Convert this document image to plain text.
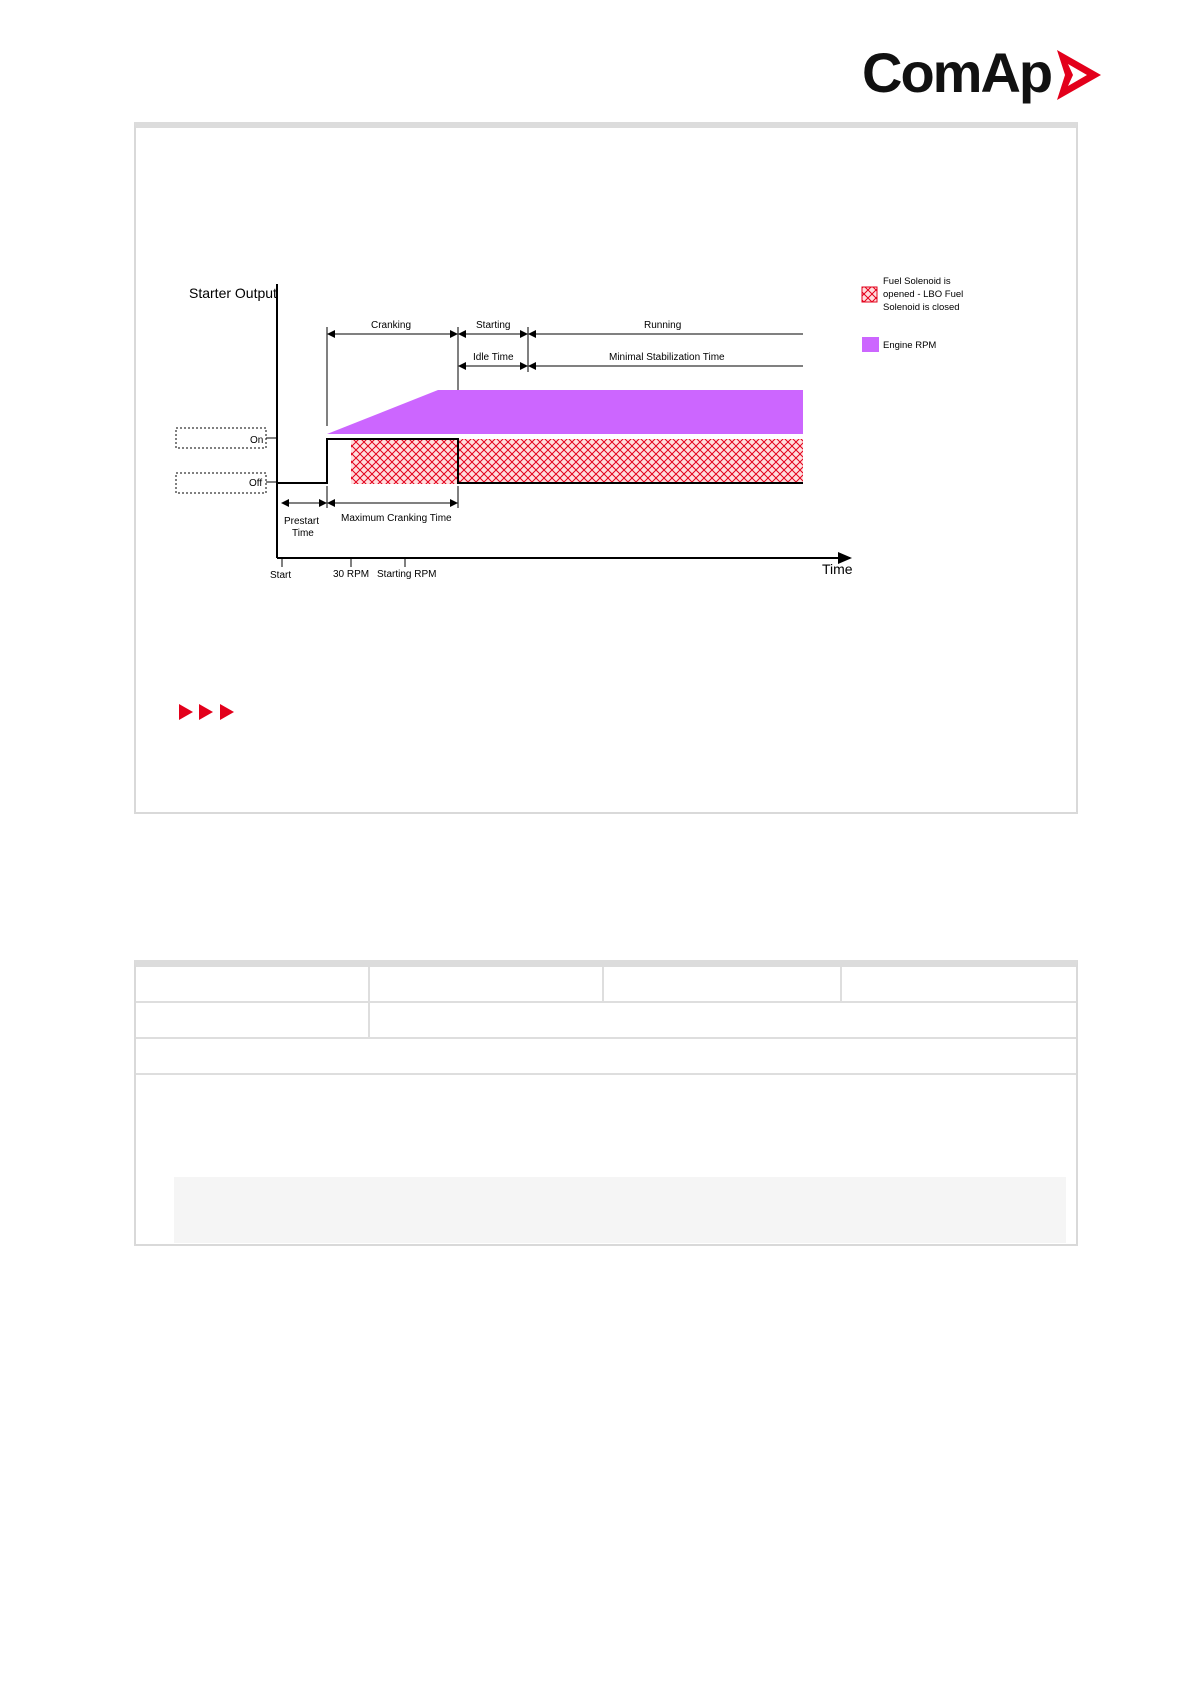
ComAp
Starter Output
Time
On
Off
Cranking	Starting	Running
Idle Time	Minimal Stabilization Time
Prestart
Time
Maximum Cranking Time
Start	30 RPM Starting RPM
Fuel Solenoid is
opened - LBO Fuel
Solenoid is closed
Engine RPM
